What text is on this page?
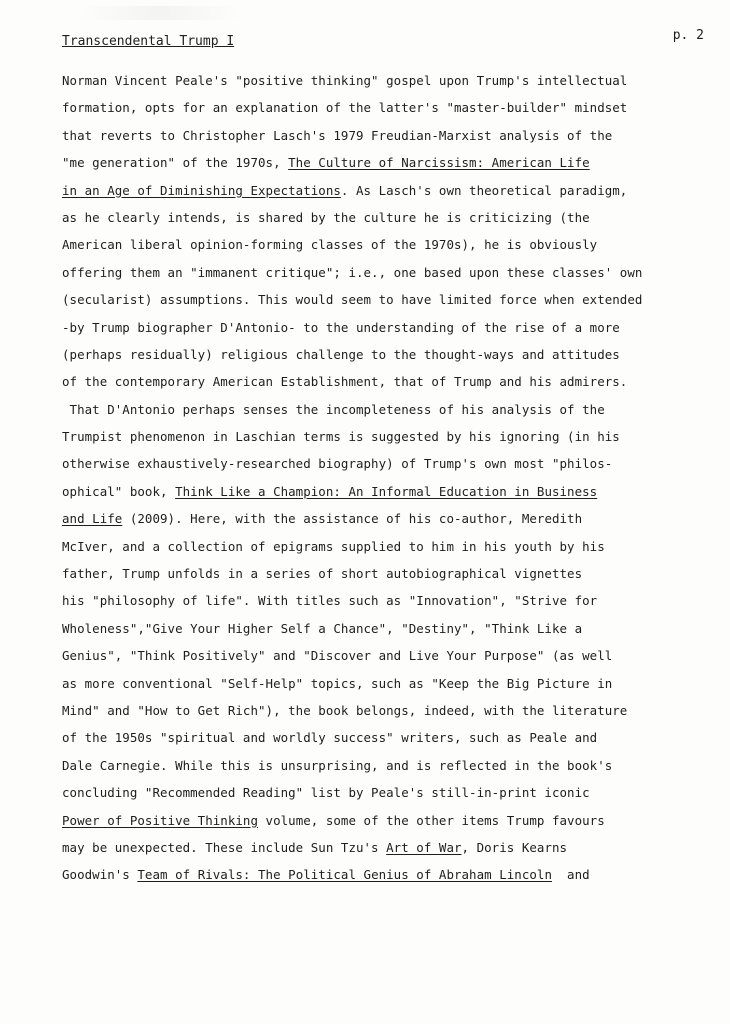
Transcendental Trump I	p. 2
Norman Vincent Peale's "positive thinking" gospel upon Trump's intellectual
formation, opts for an explanation of the latter's "master-builder" mindset
that reverts to Christopher Lasch's 1979 Freudian-Marxist analysis of the
"me generation" of the 1970s, The Culture of Narcissism: American Life
in an Age of Diminishing Expectations. As Lasch's own theoretical paradigm,
as he clearly intends, is shared by the culture he is criticizing (the
American liberal opinion-forming classes of the 1970s), he is obviously
offering them an "immanent critique"; i.e., one based upon these classes' own
(secularist) assumptions. This would seem to have limited force when extended
-by Trump biographer D'Antonio- to the understanding of the rise of a more
(perhaps residually) religious challenge to the thought-ways and attitudes
of the contemporary American Establishment, that of Trump and his admirers.
That D'Antonio perhaps senses the incompleteness of his analysis of the
Trumpist phenomenon in Laschian terms is suggested by his ignoring (in his
otherwise exhaustively-researched biography) of Trump's own most "philos-
ophical" book, Think Like a Champion: An Informal Education in Business
and Life (2009). Here, with the assistance of his co-author, Meredith
McIver, and a collection of epigrams supplied to him in his youth by his
father, Trump unfolds in a series of short autobiographical vignettes
his "philosophy of life". With titles such as "Innovation", "Strive for
Wholeness","Give Your Higher Self a Chance", "Destiny", "Think Like a
Genius", "Think Positively" and "Discover and Live Your Purpose" (as well
as more conventional "Self-Help" topics, such as "Keep the Big Picture in
Mind" and "How to Get Rich"), the book belongs, indeed, with the literature
of the 1950s "spiritual and worldly success" writers, such as Peale and
Dale Carnegie. While this is unsurprising, and is reflected in the book's
concluding "Recommended Reading" list by Peale's still-in-print iconic
Power of Positive Thinking volume, some of the other items Trump favours
may be unexpected. These include Sun Tzu's Art of War, Doris Kearns
Goodwin's Team of Rivals: The Political Genius of Abraham Lincoln  and
